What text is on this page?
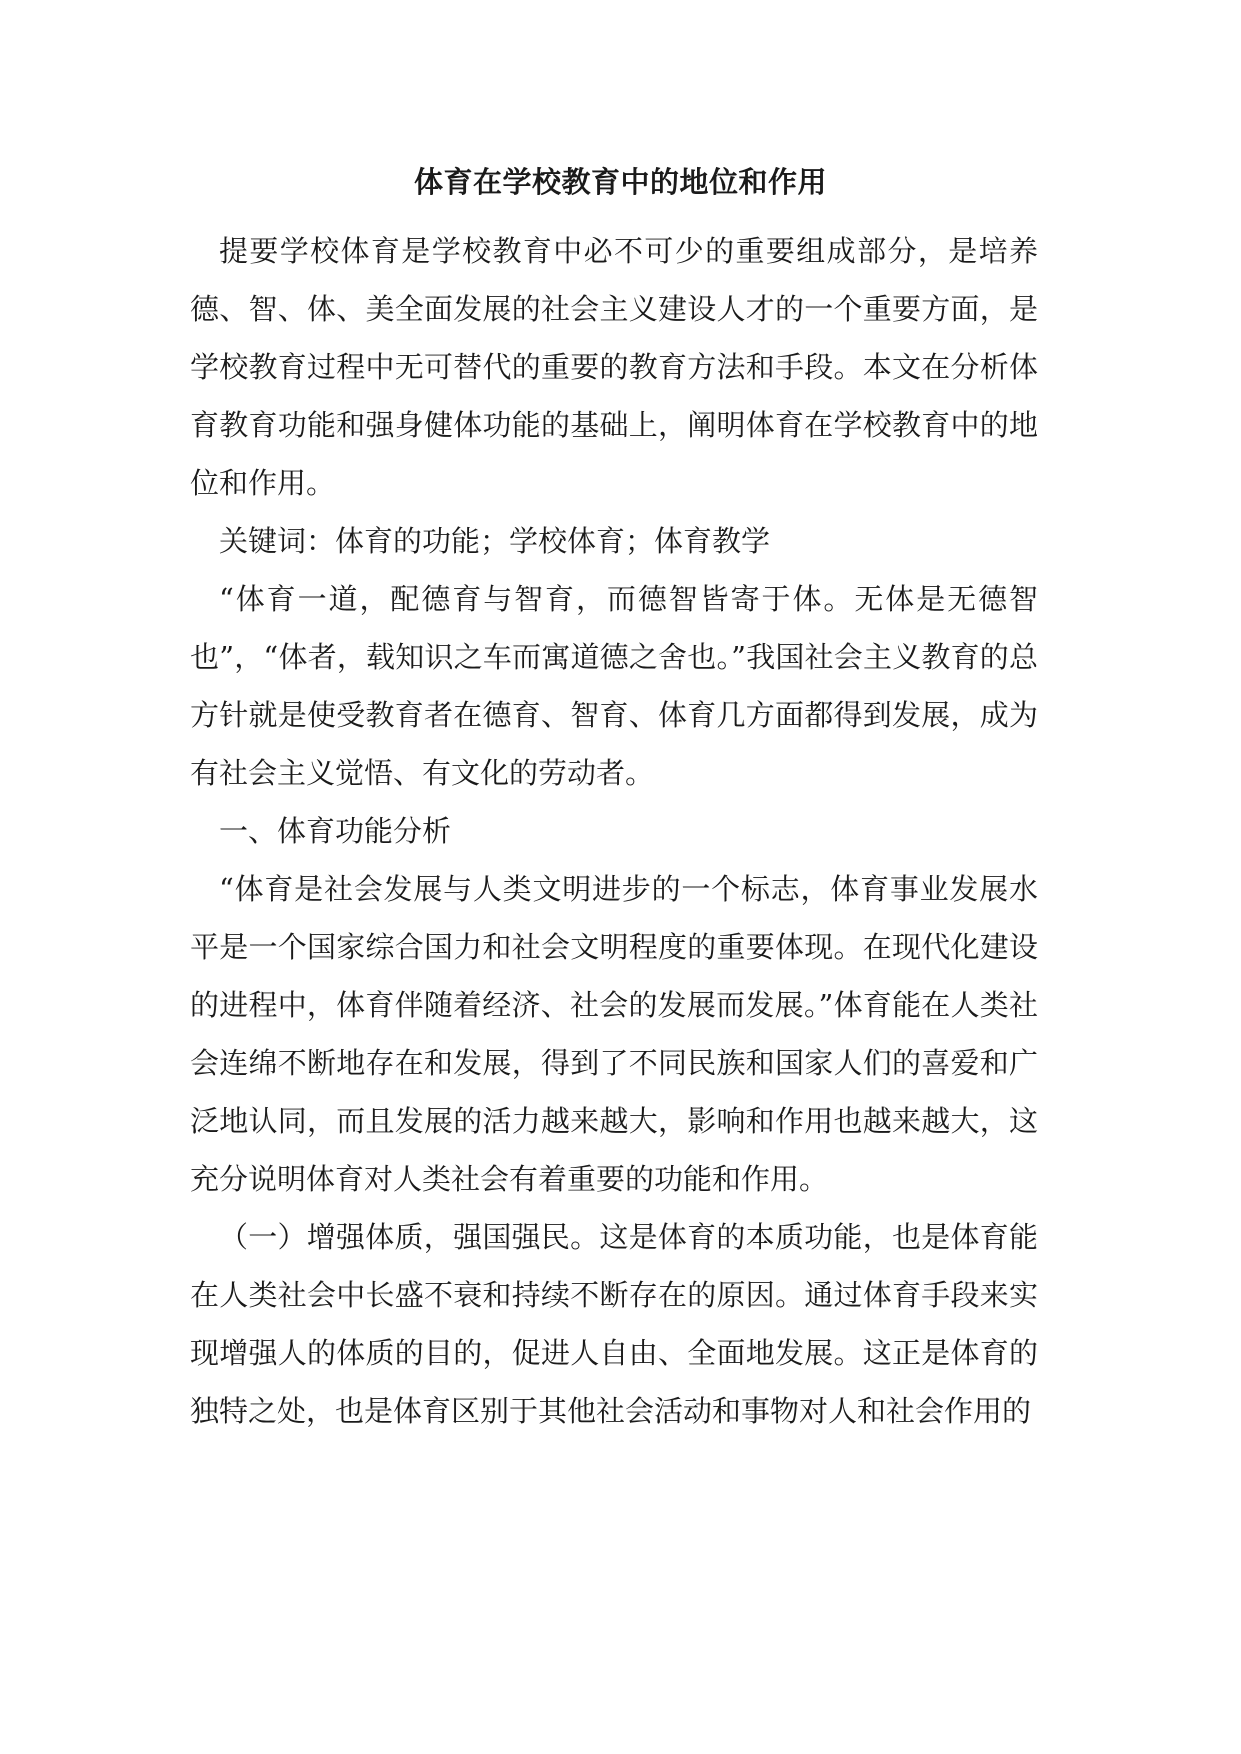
体育在学校教育中的地位和作用

提要学校体育是学校教育中必不可少的重要组成部分，是培养德、智、体、美全面发展的社会主义建设人才的一个重要方面，是学校教育过程中无可替代的重要的教育方法和手段。本文在分析体育教育功能和强身健体功能的基础上，阐明体育在学校教育中的地位和作用。

关键词：体育的功能；学校体育；体育教学

“体育一道，配德育与智育，而德智皆寄于体。无体是无德智也”，“体者，载知识之车而寓道德之舍也。”我国社会主义教育的总方针就是使受教育者在德育、智育、体育几方面都得到发展，成为有社会主义觉悟、有文化的劳动者。

一、体育功能分析

“体育是社会发展与人类文明进步的一个标志，体育事业发展水平是一个国家综合国力和社会文明程度的重要体现。在现代化建设的进程中，体育伴随着经济、社会的发展而发展。”体育能在人类社会连绵不断地存在和发展，得到了不同民族和国家人们的喜爱和广泛地认同，而且发展的活力越来越大，影响和作用也越来越大，这充分说明体育对人类社会有着重要的功能和作用。

（一）增强体质，强国强民。这是体育的本质功能，也是体育能在人类社会中长盛不衰和持续不断存在的原因。通过体育手段来实现增强人的体质的目的，促进人自由、全面地发展。这正是体育的独特之处，也是体育区别于其他社会活动和事物对人和社会作用的
